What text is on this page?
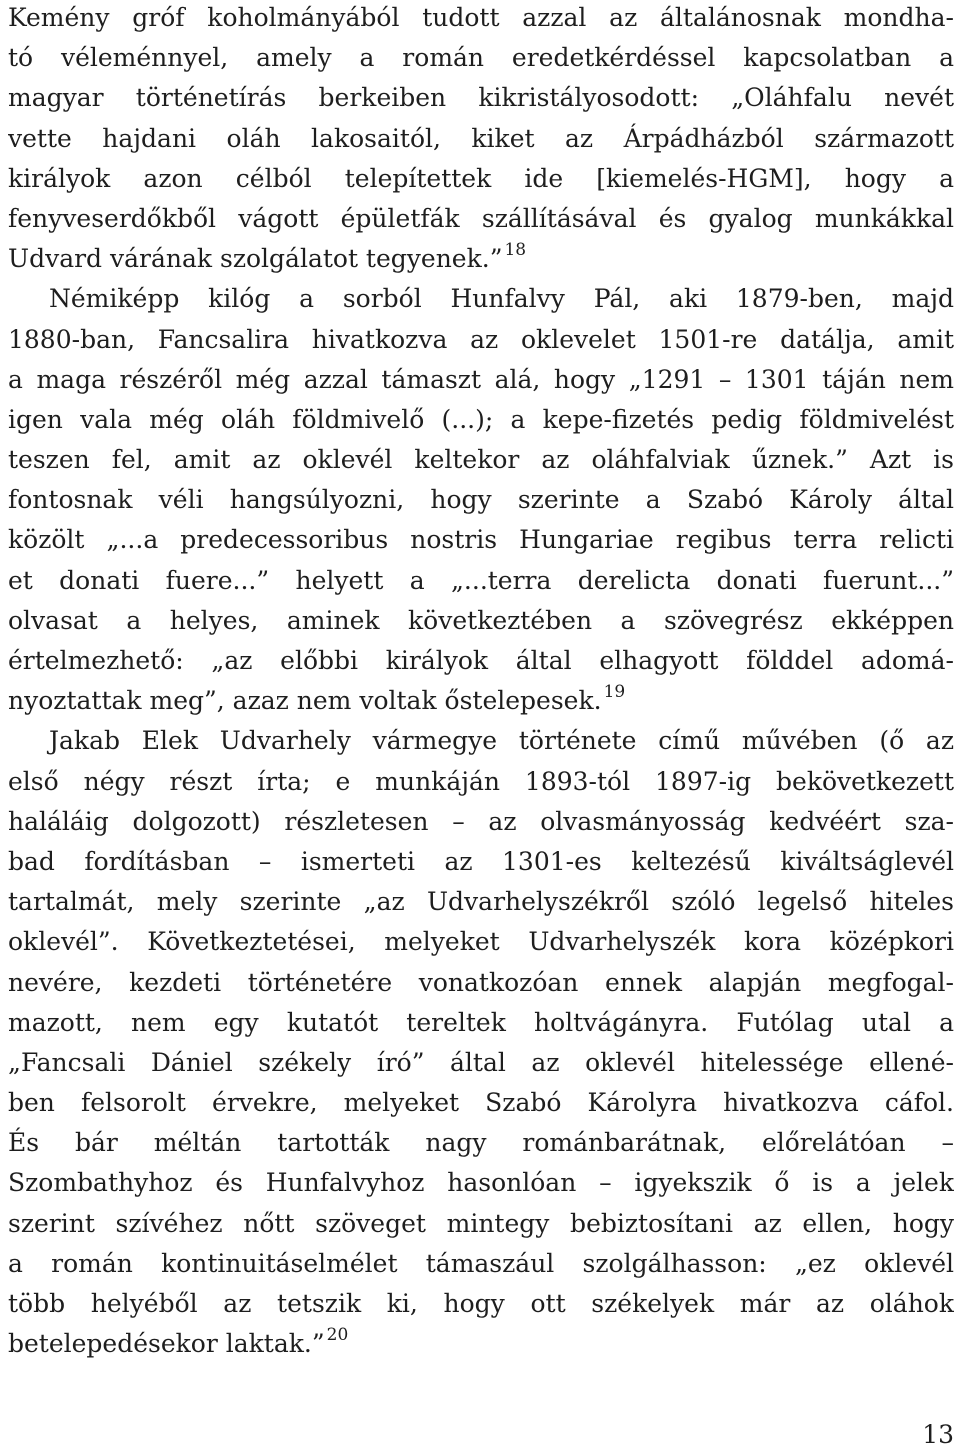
Kemény gróf koholmányából tudott azzal az általánosnak mondha-
tó véleménnyel, amely a román eredetkérdéssel kapcsolatban a
magyar történetírás berkeiben kikristályosodott: „Oláhfalu nevét
vette hajdani oláh lakosaitól, kiket az Árpádházból származott
királyok azon célból telepítettek ide [kiemelés-HGM], hogy a
fenyveserdőkből vágott épületfák szállításával és gyalog munkákkal
Udvard várának szolgálatot tegyenek.” $^{18}$
Némiképp kilóg a sorból Hunfalvy Pál, aki 1879-ben, majd
1880-ban, Fancsalira hivatkozva az oklevelet 1501-re datálja, amit
a maga részéről még azzal támaszt alá, hogy „1291 – 1301 táján nem
igen vala még oláh földmivelő (...); a kepe-fizetés pedig földmivelést
teszen fel, amit az oklevél keltekor az oláhfalviak űznek.” Azt is
fontosnak véli hangsúlyozni, hogy szerinte a Szabó Károly által
közölt „...a predecessoribus nostris Hungariae regibus terra relicti
et donati fuere...” helyett a „...terra derelicta donati fuerunt...”
olvasat a helyes, aminek következtében a szövegrész ekképpen
értelmezhető: „az előbbi királyok által elhagyott földdel adomá-
nyoztattak meg”, azaz nem voltak őstelepesek. $^{19}$
Jakab Elek Udvarhely vármegye története című művében (ő az
első négy részt írta; e munkáján 1893-tól 1897-ig bekövetkezett
haláláig dolgozott) részletesen – az olvasmányosság kedvéért sza-
bad fordításban – ismerteti az 1301-es keltezésű kiváltságlevél
tartalmát, mely szerinte „az Udvarhelyszékről szóló legelső hiteles
oklevél”. Következtetései, melyeket Udvarhelyszék kora középkori
nevére, kezdeti történetére vonatkozóan ennek alapján megfogal-
mazott, nem egy kutatót tereltek holtvágányra. Futólag utal a
„Fancsali Dániel székely író” által az oklevél hitelessége ellené-
ben felsorolt érvekre, melyeket Szabó Károlyra hivatkozva cáfol.
És bár méltán tartották nagy románbarátnak, előrelátóan –
Szombathyhoz és Hunfalvyhoz hasonlóan – igyekszik ő is a jelek
szerint szívéhez nőtt szöveget mintegy bebiztosítani az ellen, hogy
a román kontinuitáselmélet támaszául szolgálhasson: „ez oklevél
több helyéből az tetszik ki, hogy ott székelyek már az oláhok
betelepedésekor laktak.” $^{20}$
13
